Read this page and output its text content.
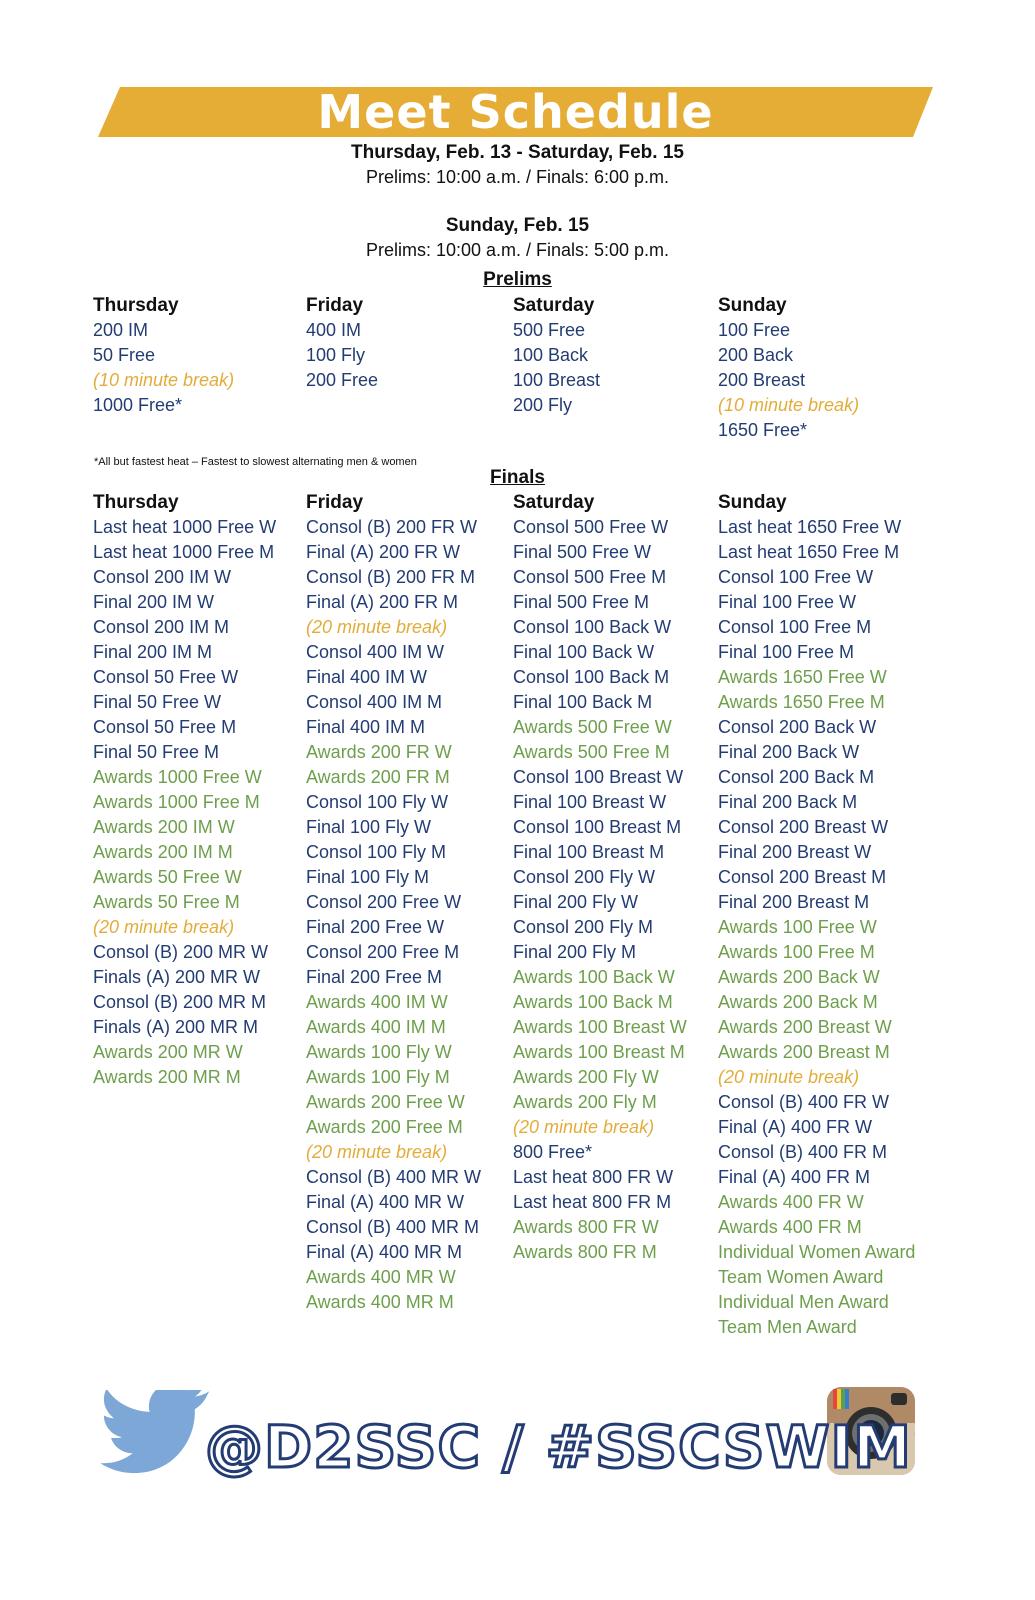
Meet Schedule
Thursday, Feb. 13 - Saturday, Feb. 15
Prelims: 10:00 a.m. / Finals: 6:00 p.m.
Sunday, Feb. 15
Prelims: 10:00 a.m. / Finals: 5:00 p.m.
Prelims
Thursday
200 IM
50 Free
(10 minute break)
1000 Free*
Friday
400 IM
100 Fly
200 Free
Saturday
500 Free
100 Back
100 Breast
200 Fly
Sunday
100 Free
200 Back
200 Breast
(10 minute break)
1650 Free*
*All but fastest heat – Fastest to slowest alternating men & women
Finals
Thursday
Last heat 1000 Free W
Last heat 1000 Free M
Consol 200 IM W
Final 200 IM W
Consol 200 IM M
Final 200 IM M
Consol 50 Free W
Final 50 Free W
Consol 50 Free M
Final 50 Free M
Awards 1000 Free W
Awards 1000 Free M
Awards 200 IM W
Awards 200 IM M
Awards 50 Free W
Awards 50 Free M
(20 minute break)
Consol (B) 200 MR W
Finals (A) 200 MR W
Consol (B) 200 MR M
Finals (A) 200 MR M
Awards 200 MR W
Awards 200 MR M
Friday
Consol (B) 200 FR W
Final (A) 200 FR W
Consol (B) 200 FR M
Final (A) 200 FR M
(20 minute break)
Consol 400 IM W
Final 400 IM W
Consol 400 IM M
Final 400 IM M
Awards 200 FR W
Awards 200 FR M
Consol 100 Fly W
Final 100 Fly W
Consol 100 Fly M
Final 100 Fly M
Consol 200 Free W
Final 200 Free W
Consol 200 Free M
Final 200 Free M
Awards 400 IM W
Awards 400 IM M
Awards 100 Fly W
Awards 100 Fly M
Awards 200 Free W
Awards 200 Free M
(20 minute break)
Consol (B) 400 MR W
Final (A) 400 MR W
Consol (B) 400 MR M
Final (A) 400 MR M
Awards 400 MR W
Awards 400 MR M
Saturday
Consol 500 Free W
Final 500 Free W
Consol 500 Free M
Final 500 Free M
Consol 100 Back W
Final 100 Back W
Consol 100 Back M
Final 100 Back M
Awards 500 Free W
Awards 500 Free M
Consol 100 Breast W
Final 100 Breast W
Consol 100 Breast M
Final 100 Breast M
Consol 200 Fly W
Final 200 Fly W
Consol 200 Fly M
Final 200 Fly M
Awards 100 Back W
Awards 100 Back M
Awards 100 Breast W
Awards 100 Breast M
Awards 200 Fly W
Awards 200 Fly M
(20 minute break)
800 Free*
Last heat 800 FR W
Last heat 800 FR M
Awards 800 FR W
Awards 800 FR M
Sunday
Last heat 1650 Free W
Last heat 1650 Free M
Consol 100 Free W
Final 100 Free W
Consol 100 Free M
Final 100 Free M
Awards 1650 Free W
Awards 1650 Free M
Consol 200 Back W
Final 200 Back W
Consol 200 Back M
Final 200 Back M
Consol 200 Breast W
Final 200 Breast W
Consol 200 Breast M
Final 200 Breast M
Awards 100 Free W
Awards 100 Free M
Awards 200 Back W
Awards 200 Back M
Awards 200 Breast W
Awards 200 Breast M
(20 minute break)
Consol (B) 400 FR W
Final (A) 400 FR W
Consol (B) 400 FR M
Final (A) 400 FR M
Awards 400 FR W
Awards 400 FR M
Individual Women Award
Team Women Award
Individual Men Award
Team Men Award
@D2SSC / #SSCSWIM
